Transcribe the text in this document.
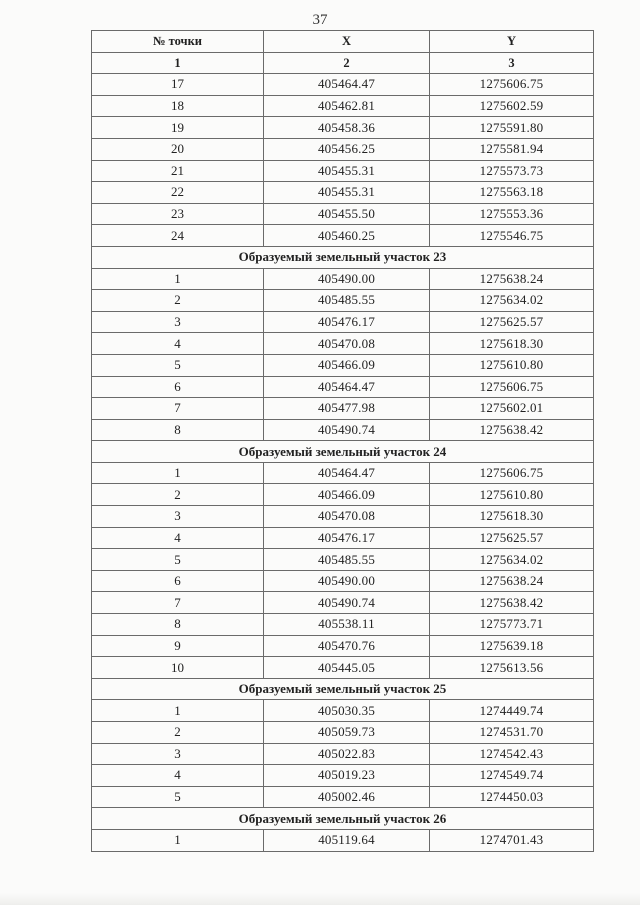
37
№ точки	X	Y
1	2	3
17	405464.47	1275606.75
18	405462.81	1275602.59
19	405458.36	1275591.80
20	405456.25	1275581.94
21	405455.31	1275573.73
22	405455.31	1275563.18
23	405455.50	1275553.36
24	405460.25	1275546.75
Образуемый земельный участок 23		
1	405490.00	1275638.24
2	405485.55	1275634.02
3	405476.17	1275625.57
4	405470.08	1275618.30
5	405466.09	1275610.80
6	405464.47	1275606.75
7	405477.98	1275602.01
8	405490.74	1275638.42
Образуемый земельный участок 24		
1	405464.47	1275606.75
2	405466.09	1275610.80
3	405470.08	1275618.30
4	405476.17	1275625.57
5	405485.55	1275634.02
6	405490.00	1275638.24
7	405490.74	1275638.42
8	405538.11	1275773.71
9	405470.76	1275639.18
10	405445.05	1275613.56
Образуемый земельный участок 25		
1	405030.35	1274449.74
2	405059.73	1274531.70
3	405022.83	1274542.43
4	405019.23	1274549.74
5	405002.46	1274450.03
Образуемый земельный участок 26		
1	405119.64	1274701.43
